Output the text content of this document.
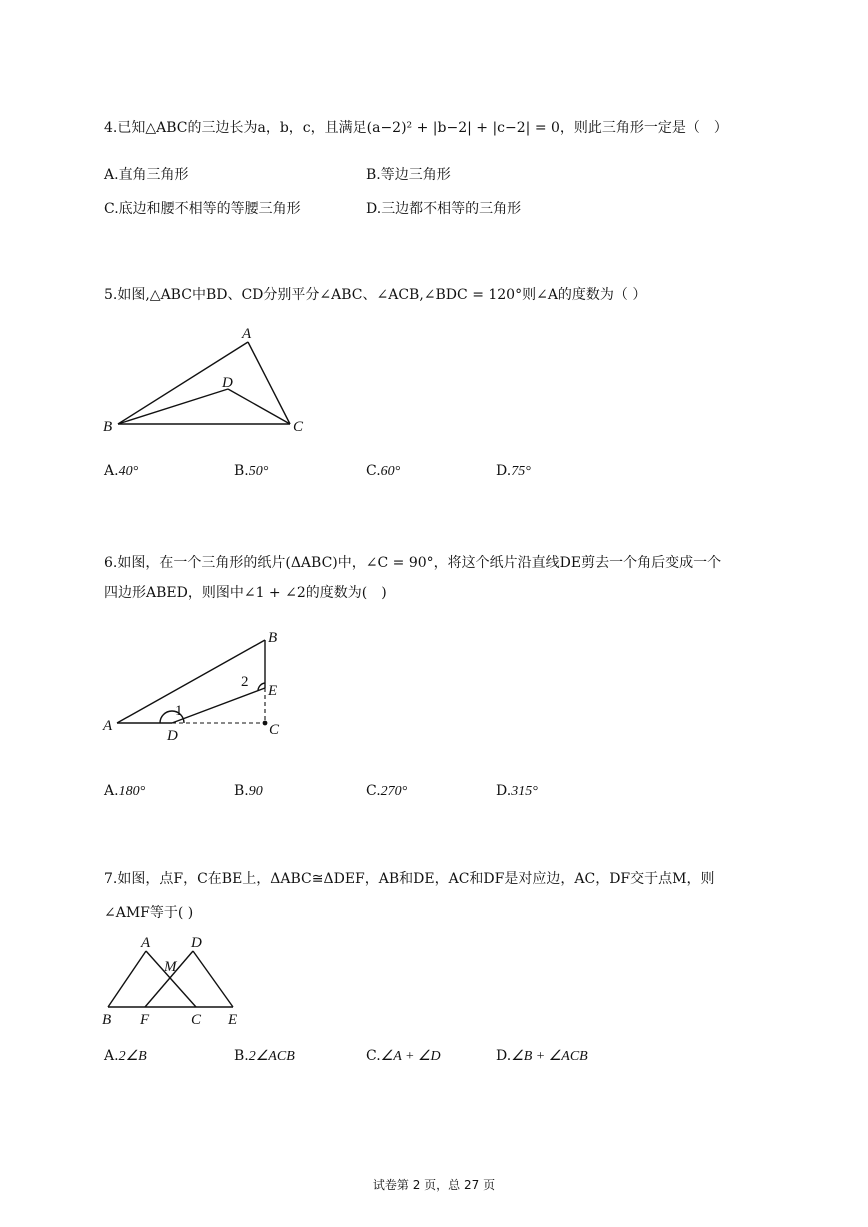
4.已知△ABC的三边长为a，b，c，且满足(a−2)² + |b−2| + |c−2| = 0，则此三角形一定是（　）
A.直角三角形	B.等边三角形
C.底边和腰不相等的等腰三角形	D.三边都不相等的三角形
5.如图,△ABC中BD、CD分别平分∠ABC、∠ACB,∠BDC = 120°则∠A的度数为（ ）
A
D
B	C
A.40°	B.50°	C.60°	D.75°
6.如图，在一个三角形的纸片(ΔABC)中，∠C = 90°，将这个纸片沿直线DE剪去一个角后变成一个
四边形ABED，则图中∠1 + ∠2的度数为(　)
B
2
E
1
A
D	C
A.180°	B.90	C.270°	D.315°
7.如图，点F，C在BE上，ΔABC≅ΔDEF，AB和DE，AC和DF是对应边，AC，DF交于点M，则
∠AMF等于( )
A	D
M
B F	C E
A.2∠B	B.2∠ACB	C.∠A + ∠D	D.∠B + ∠ACB
试卷第 2 页，总 27 页
